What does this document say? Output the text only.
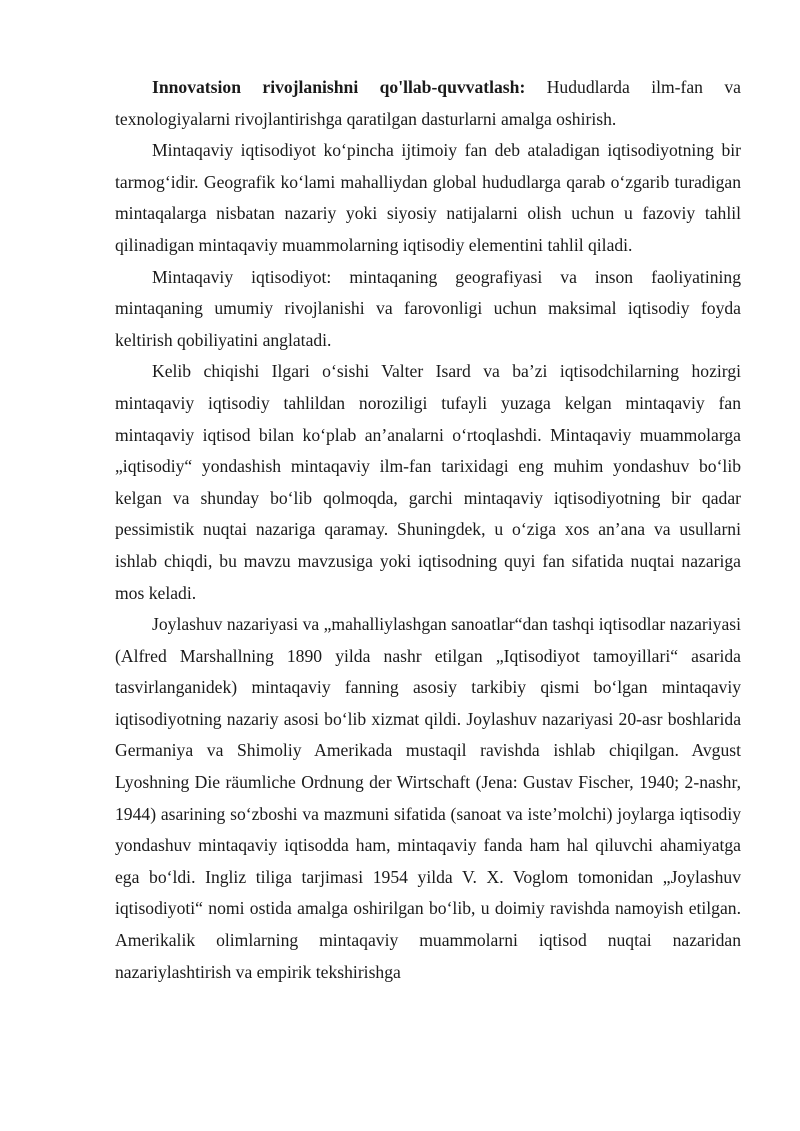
Innovatsion rivojlanishni qo'llab-quvvatlash: Hududlarda ilm-fan va texnologiyalarni rivojlantirishga qaratilgan dasturlarni amalga oshirish.

Mintaqaviy iqtisodiyot koʻpincha ijtimoiy fan deb ataladigan iqtisodiyotning bir tarmogʻidir. Geografik koʻlami mahalliydan global hududlarga qarab oʻzgarib turadigan mintaqalarga nisbatan nazariy yoki siyosiy natijalarni olish uchun u fazoviy tahlil qilinadigan mintaqaviy muammolarning iqtisodiy elementini tahlil qiladi.

Mintaqaviy iqtisodiyot: mintaqaning geografiyasi va inson faoliyatining mintaqaning umumiy rivojlanishi va farovonligi uchun maksimal iqtisodiy foyda keltirish qobiliyatini anglatadi.

Kelib chiqishi Ilgari oʻsishi Valter Isard va baʼzi iqtisodchilarning hozirgi mintaqaviy iqtisodiy tahlildan noroziligi tufayli yuzaga kelgan mintaqaviy fan mintaqaviy iqtisod bilan koʻplab anʼanalarni oʻrtoqlashdi. Mintaqaviy muammolarga „iqtisodiy“ yondashish mintaqaviy ilm-fan tarixidagi eng muhim yondashuv boʻlib kelgan va shunday boʻlib qolmoqda, garchi mintaqaviy iqtisodiyotning bir qadar pessimistik nuqtai nazariga qaramay. Shuningdek, u oʻziga xos anʼana va usullarni ishlab chiqdi, bu mavzu mavzusiga yoki iqtisodning quyi fan sifatida nuqtai nazariga mos keladi.

Joylashuv nazariyasi va „mahalliylashgan sanoatlar“dan tashqi iqtisodlar nazariyasi (Alfred Marshallning 1890 yilda nashr etilgan „Iqtisodiyot tamoyillari“ asarida tasvirlanganidek) mintaqaviy fanning asosiy tarkibiy qismi boʻlgan mintaqaviy iqtisodiyotning nazariy asosi boʻlib xizmat qildi. Joylashuv nazariyasi 20-asr boshlarida Germaniya va Shimoliy Amerikada mustaqil ravishda ishlab chiqilgan. Avgust Lyoshning Die räumliche Ordnung der Wirtschaft (Jena: Gustav Fischer, 1940; 2-nashr, 1944) asarining soʻzboshi va mazmuni sifatida (sanoat va isteʼmolchi) joylarga iqtisodiy yondashuv mintaqaviy iqtisodda ham, mintaqaviy fanda ham hal qiluvchi ahamiyatga ega boʻldi. Ingliz tiliga tarjimasi 1954 yilda V. X. Voglom tomonidan „Joylashuv iqtisodiyoti“ nomi ostida amalga oshirilgan boʻlib, u doimiy ravishda namoyish etilgan. Amerikalik olimlarning mintaqaviy muammolarni iqtisod nuqtai nazaridan nazariylashtirish va empirik tekshirishga
